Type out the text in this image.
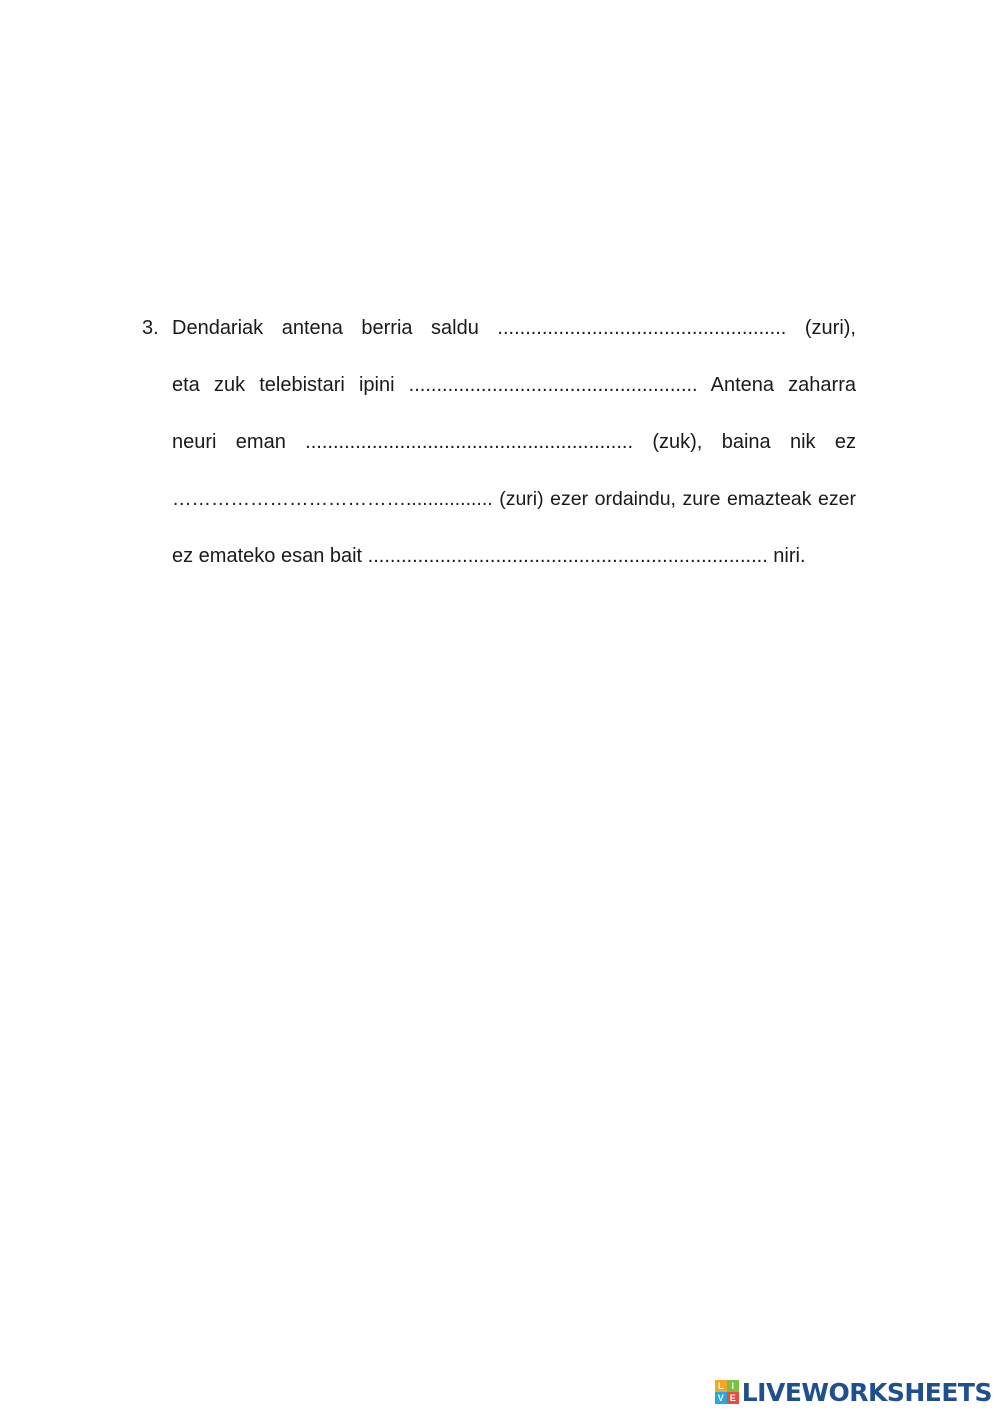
3. Dendariak antena berria saldu .................................................... (zuri),
eta zuk telebistari ipini .................................................... Antena zaharra
neuri eman ........................................................... (zuk), baina nik ez
………………………………................ (zuri) ezer ordaindu, zure emazteak ezer
ez emateko esan bait ........................................................................ niri.
L I
V E LIVEWORKSHEETS
